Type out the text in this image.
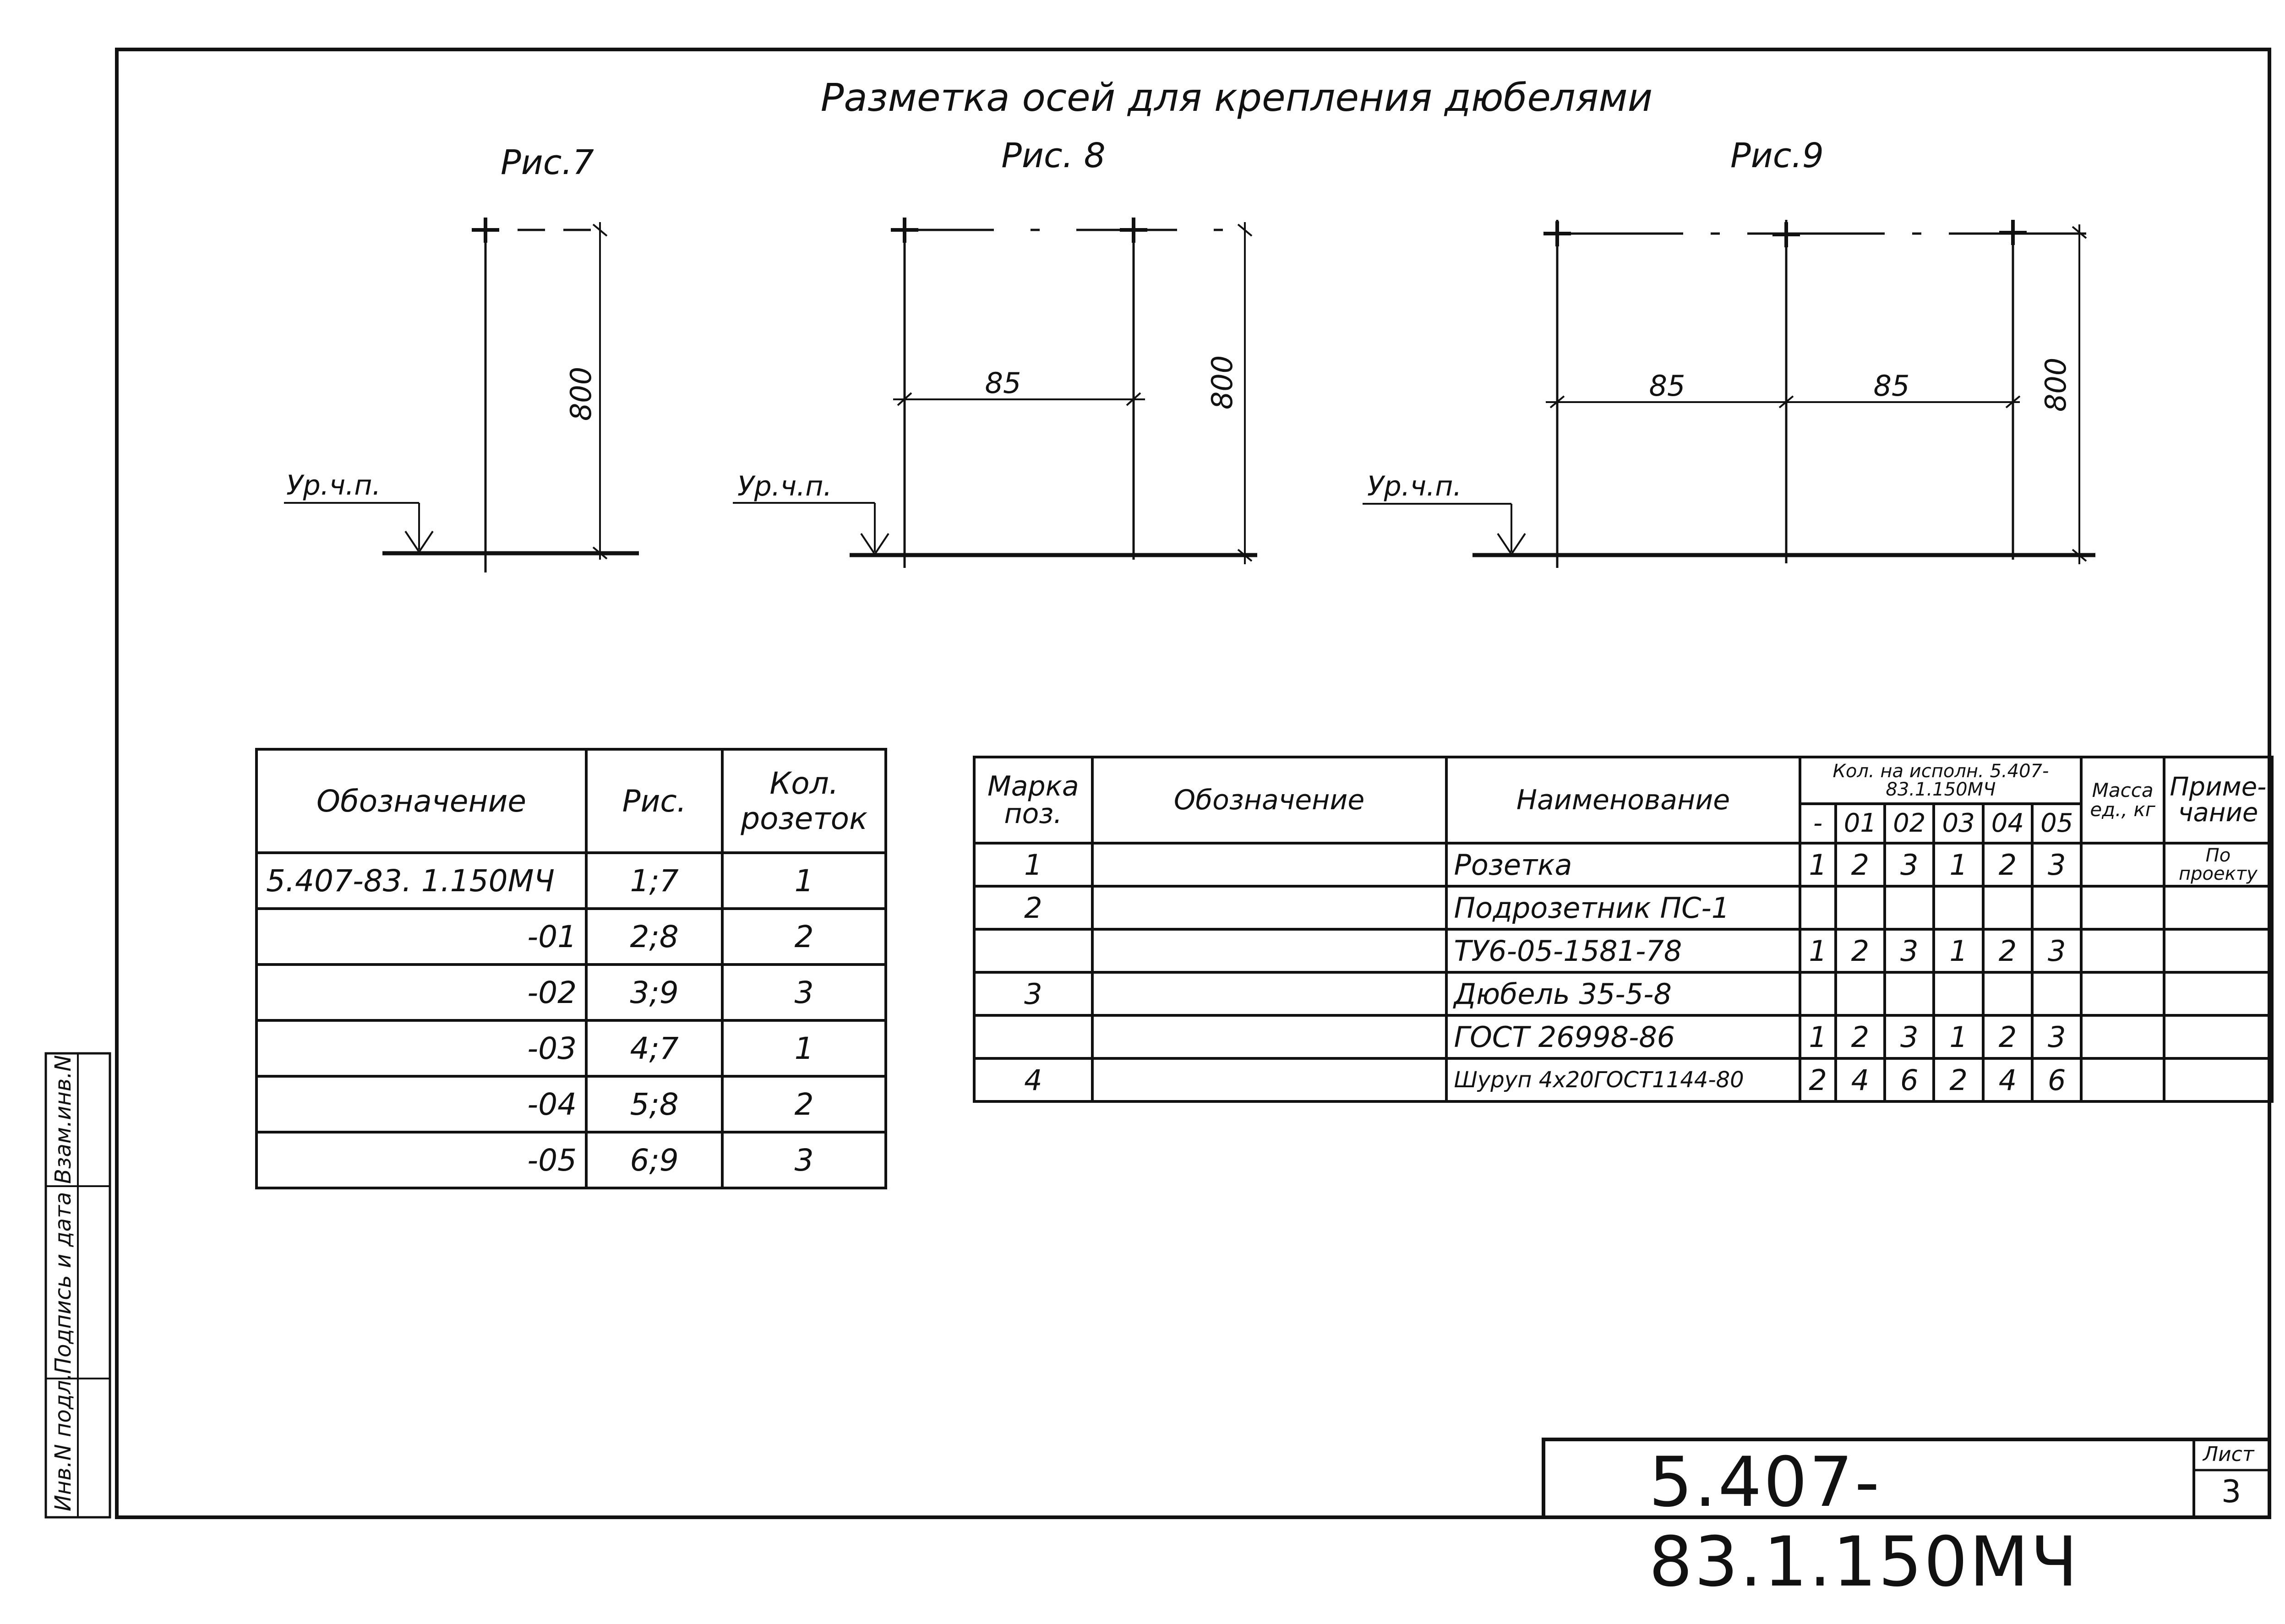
Разметка осей для крепления дюбелями
Рис.7
800
Ур.ч.п.
Рис. 8
85	800
Ур.ч.п.
Рис.9
85	85	800
Ур.ч.п.
Инв.N подл.
Подпись и дата
Взам.инв.N
5.407-83.1.150МЧ
Лист
3
Обозначение	Рис.	Кол. розеток
5.407-83. 1.150МЧ	1;7	1
-01	2;8	2
-02	3;9	3
-03	4;7	1
-04	5;8	2
-05	6;9	3
Марка поз.	Обозначение	Наименование	Кол. на исполн. 5.407-83.1.150МЧ						Масса ед., кг	Приме- чание
			-	01	02	03	04	05		
1		Розетка	1	2	3	1	2	3		По проекту
2		Подрозетник ПС-1								
		ТУ6-05-1581-78	1	2	3	1	2	3		
3		Дюбель 35-5-8								
		ГОСТ 26998-86	1	2	3	1	2	3		
4		Шуруп 4х20ГОСТ1144-80	2	4	6	2	4	6		
